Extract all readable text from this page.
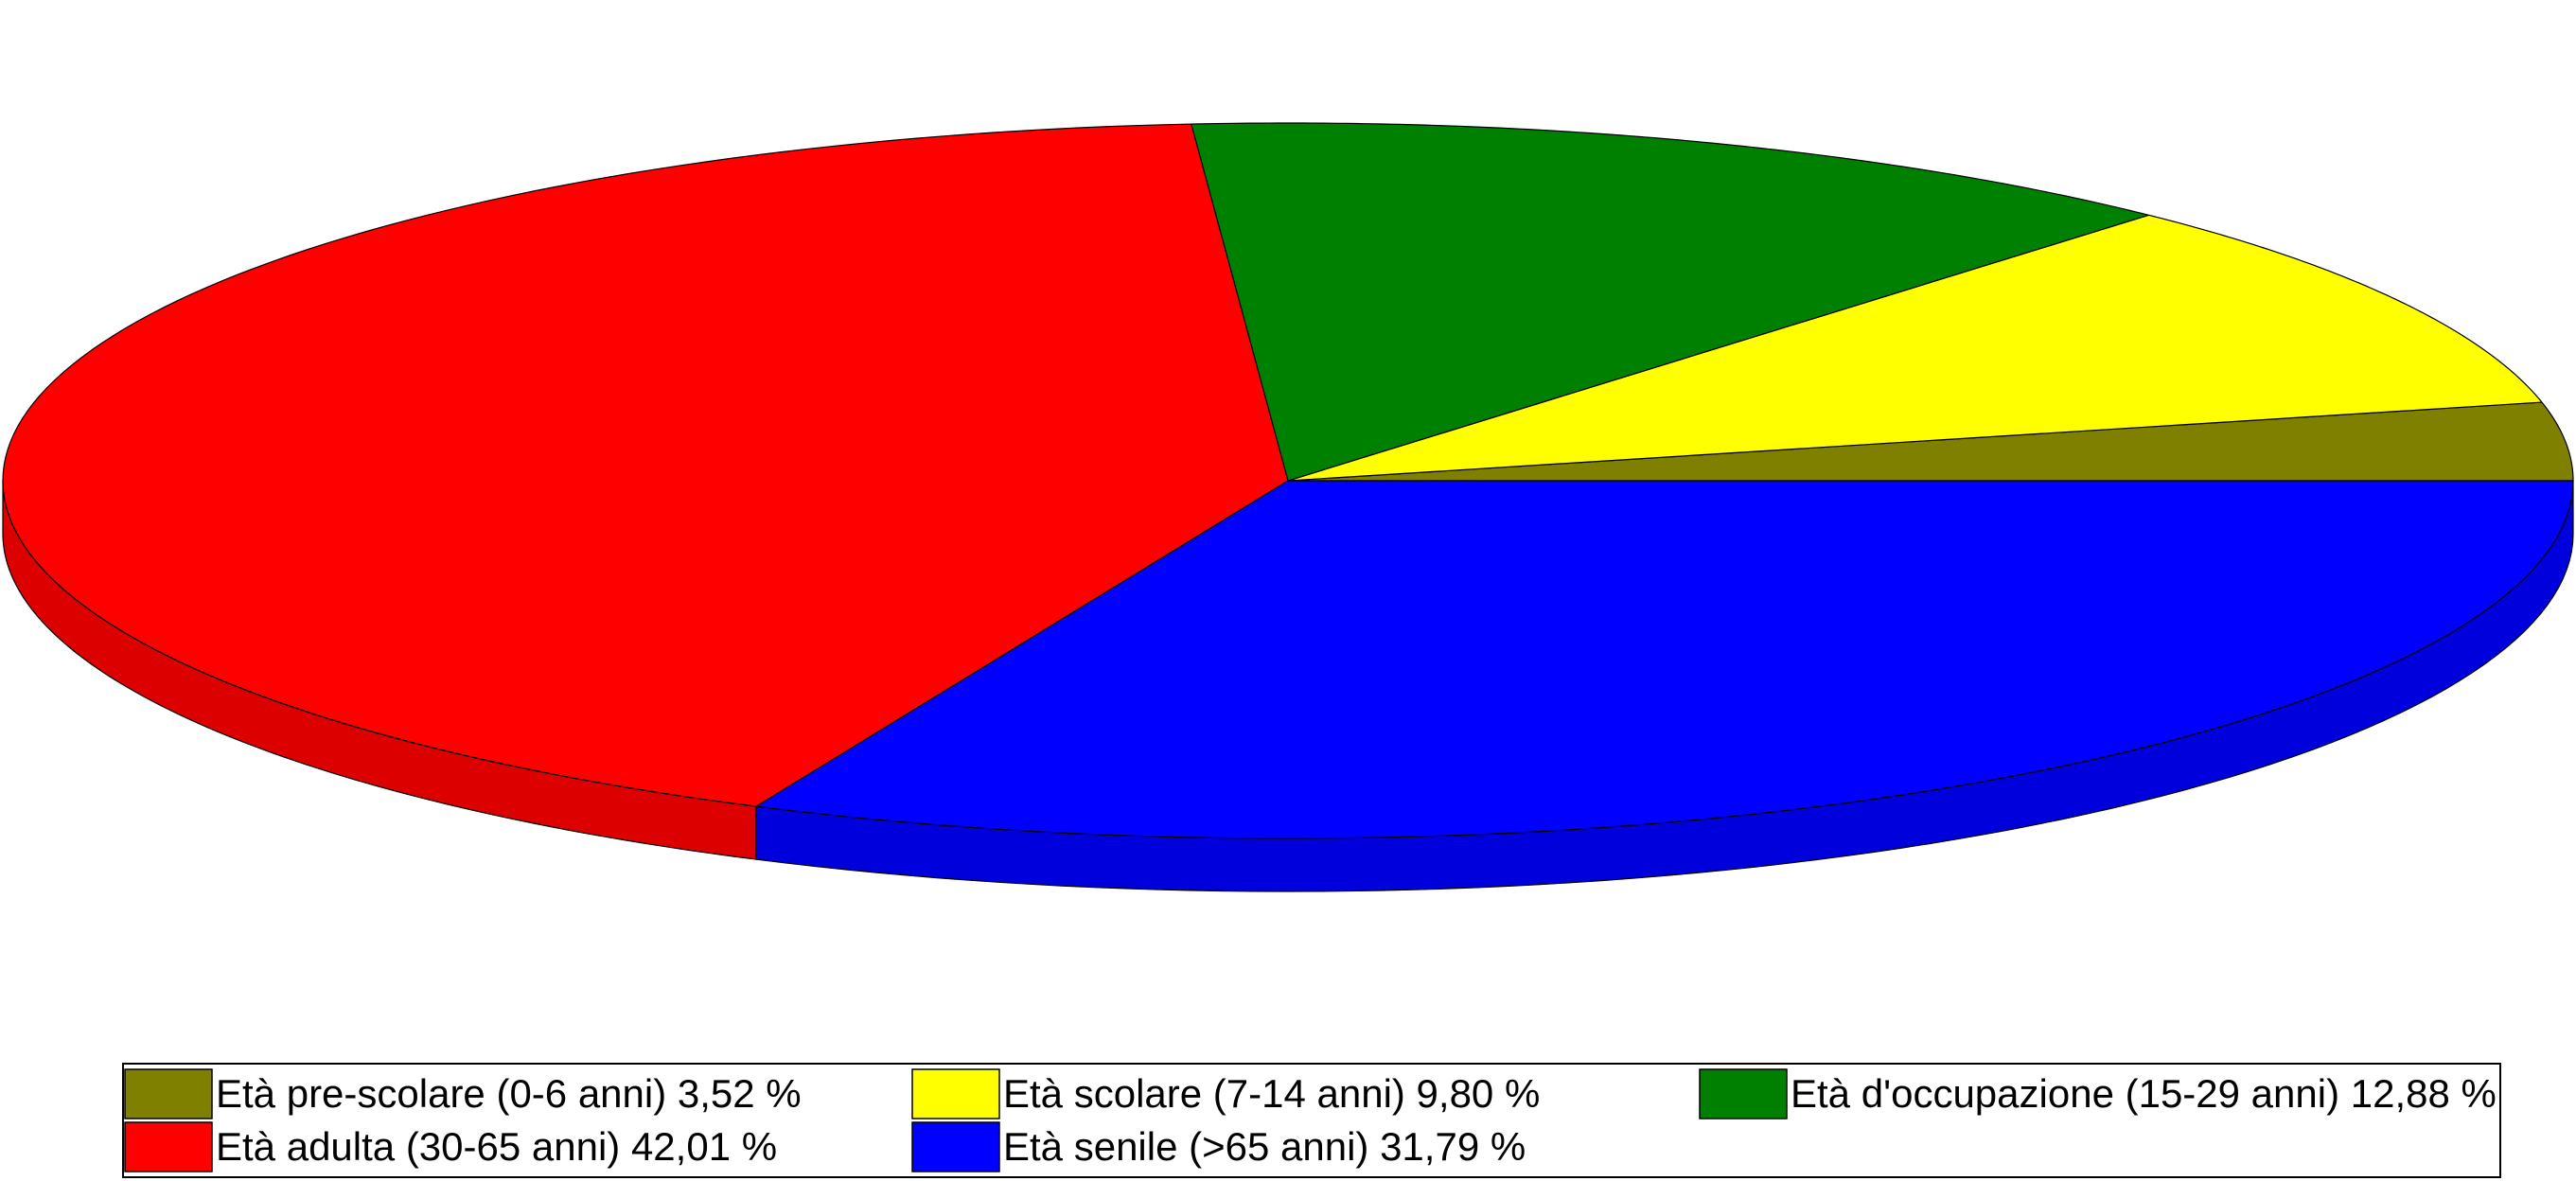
Età pre-scolare (0-6 anni) 3,52 %	Età scolare (7-14 anni) 9,80 %	Età d'occupazione (15-29 anni) 12,88 %
Età adulta (30-65 anni) 42,01 %	Età senile (>65 anni) 31,79 %
